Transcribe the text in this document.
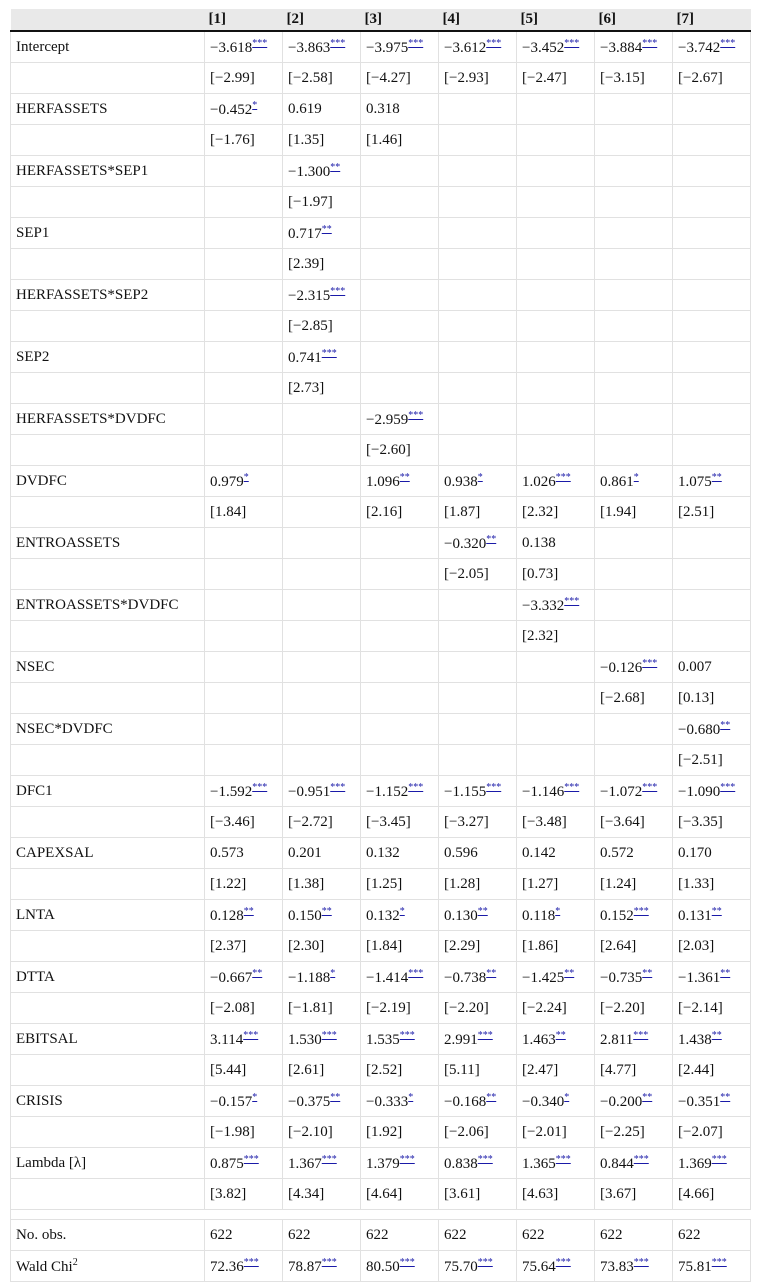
	[1]	[2]	[3]	[4]	[5]	[6]	[7]
Intercept	−3.618***	−3.863***	−3.975***	−3.612***	−3.452***	−3.884***	−3.742***
	[−2.99]	[−2.58]	[−4.27]	[−2.93]	[−2.47]	[−3.15]	[−2.67]
HERFASSETS	−0.452*	0.619	0.318				
	[−1.76]	[1.35]	[1.46]				
HERFASSETS*SEP1		−1.300**					
		[−1.97]					
SEP1		0.717**					
		[2.39]					
HERFASSETS*SEP2		−2.315***					
		[−2.85]					
SEP2		0.741***					
		[2.73]					
HERFASSETS*DVDFC			−2.959***				
			[−2.60]				
DVDFC	0.979*		1.096**	0.938*	1.026***	0.861*	1.075**
	[1.84]		[2.16]	[1.87]	[2.32]	[1.94]	[2.51]
ENTROASSETS				−0.320**	0.138		
				[−2.05]	[0.73]		
ENTROASSETS*DVDFC					−3.332***		
					[2.32]		
NSEC						−0.126***	0.007
						[−2.68]	[0.13]
NSEC*DVDFC							−0.680**
							[−2.51]
DFC1	−1.592***	−0.951***	−1.152***	−1.155***	−1.146***	−1.072***	−1.090***
	[−3.46]	[−2.72]	[−3.45]	[−3.27]	[−3.48]	[−3.64]	[−3.35]
CAPEXSAL	0.573	0.201	0.132	0.596	0.142	0.572	0.170
	[1.22]	[1.38]	[1.25]	[1.28]	[1.27]	[1.24]	[1.33]
LNTA	0.128**	0.150**	0.132*	0.130**	0.118*	0.152***	0.131**
	[2.37]	[2.30]	[1.84]	[2.29]	[1.86]	[2.64]	[2.03]
DTTA	−0.667**	−1.188*	−1.414***	−0.738**	−1.425**	−0.735**	−1.361**
	[−2.08]	[−1.81]	[−2.19]	[−2.20]	[−2.24]	[−2.20]	[−2.14]
EBITSAL	3.114***	1.530***	1.535***	2.991***	1.463**	2.811***	1.438**
	[5.44]	[2.61]	[2.52]	[5.11]	[2.47]	[4.77]	[2.44]
CRISIS	−0.157*	−0.375**	−0.333*	−0.168**	−0.340*	−0.200**	−0.351**
	[−1.98]	[−2.10]	[1.92]	[−2.06]	[−2.01]	[−2.25]	[−2.07]
Lambda [λ]	0.875***	1.367***	1.379***	0.838***	1.365***	0.844***	1.369***
	[3.82]	[4.34]	[4.64]	[3.61]	[4.63]	[3.67]	[4.66]

No. obs.	622	622	622	622	622	622	622
Wald Chi$^2$	72.36***	78.87***	80.50***	75.70***	75.64***	73.83***	75.81***
